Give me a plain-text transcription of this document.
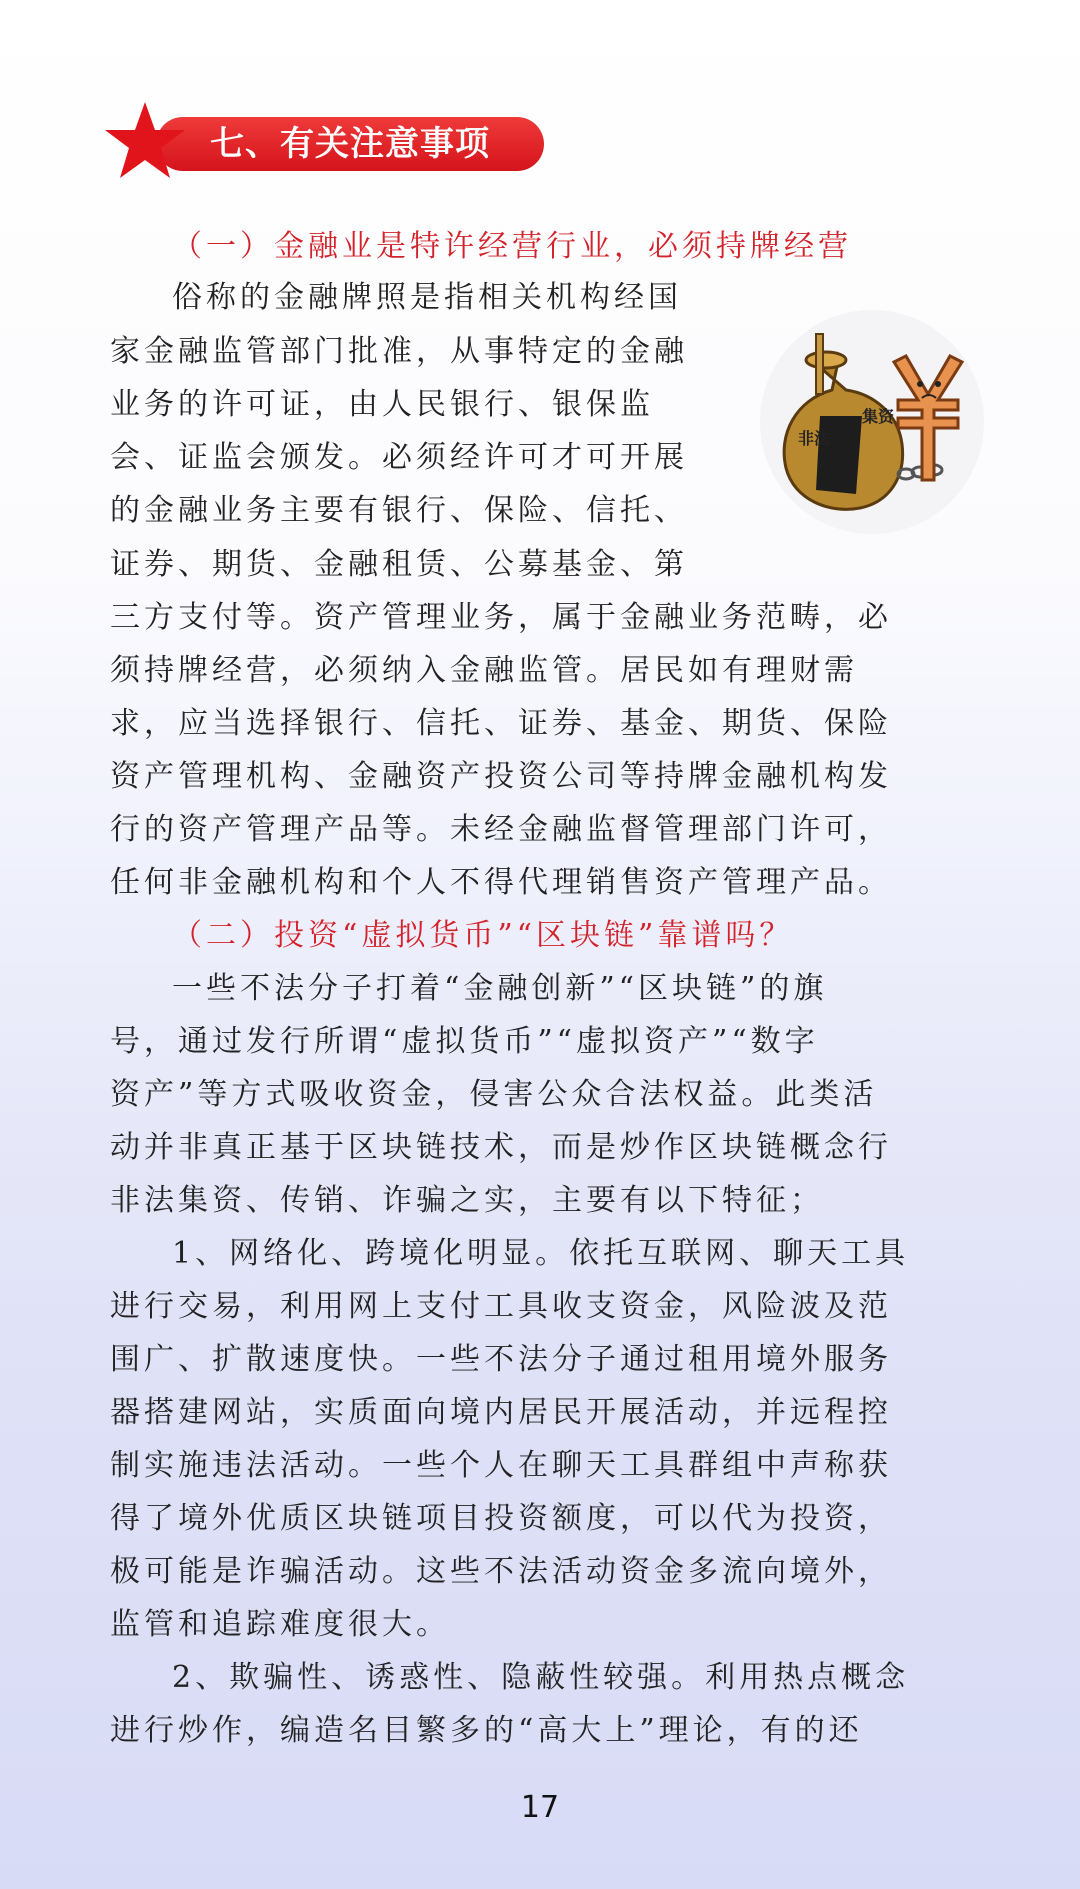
七、有关注意事项
（一）金融业是特许经营行业，必须持牌经营
俗称的金融牌照是指相关机构经国
家金融监管部门批准，从事特定的金融
业务的许可证，由人民银行、银保监
会、证监会颁发。必须经许可才可开展
的金融业务主要有银行、保险、信托、
证券、期货、金融租赁、公募基金、第
三方支付等。资产管理业务，属于金融业务范畴，必
须持牌经营，必须纳入金融监管。居民如有理财需
求，应当选择银行、信托、证券、基金、期货、保险
资产管理机构、金融资产投资公司等持牌金融机构发
行的资产管理产品等。未经金融监督管理部门许可，
任何非金融机构和个人不得代理销售资产管理产品。
（二）投资“虚拟货币”“区块链”靠谱吗？
一些不法分子打着“金融创新”“区块链”的旗
号，通过发行所谓“虚拟货币”“虚拟资产”“数字
资产”等方式吸收资金，侵害公众合法权益。此类活
动并非真正基于区块链技术，而是炒作区块链概念行
非法集资、传销、诈骗之实，主要有以下特征；
1、网络化、跨境化明显。依托互联网、聊天工具
进行交易，利用网上支付工具收支资金，风险波及范
围广、扩散速度快。一些不法分子通过租用境外服务
器搭建网站，实质面向境内居民开展活动，并远程控
制实施违法活动。一些个人在聊天工具群组中声称获
得了境外优质区块链项目投资额度，可以代为投资，
极可能是诈骗活动。这些不法活动资金多流向境外，
监管和追踪难度很大。
2、欺骗性、诱惑性、隐蔽性较强。利用热点概念
进行炒作，编造名目繁多的“高大上”理论，有的还
非法
集资
17
